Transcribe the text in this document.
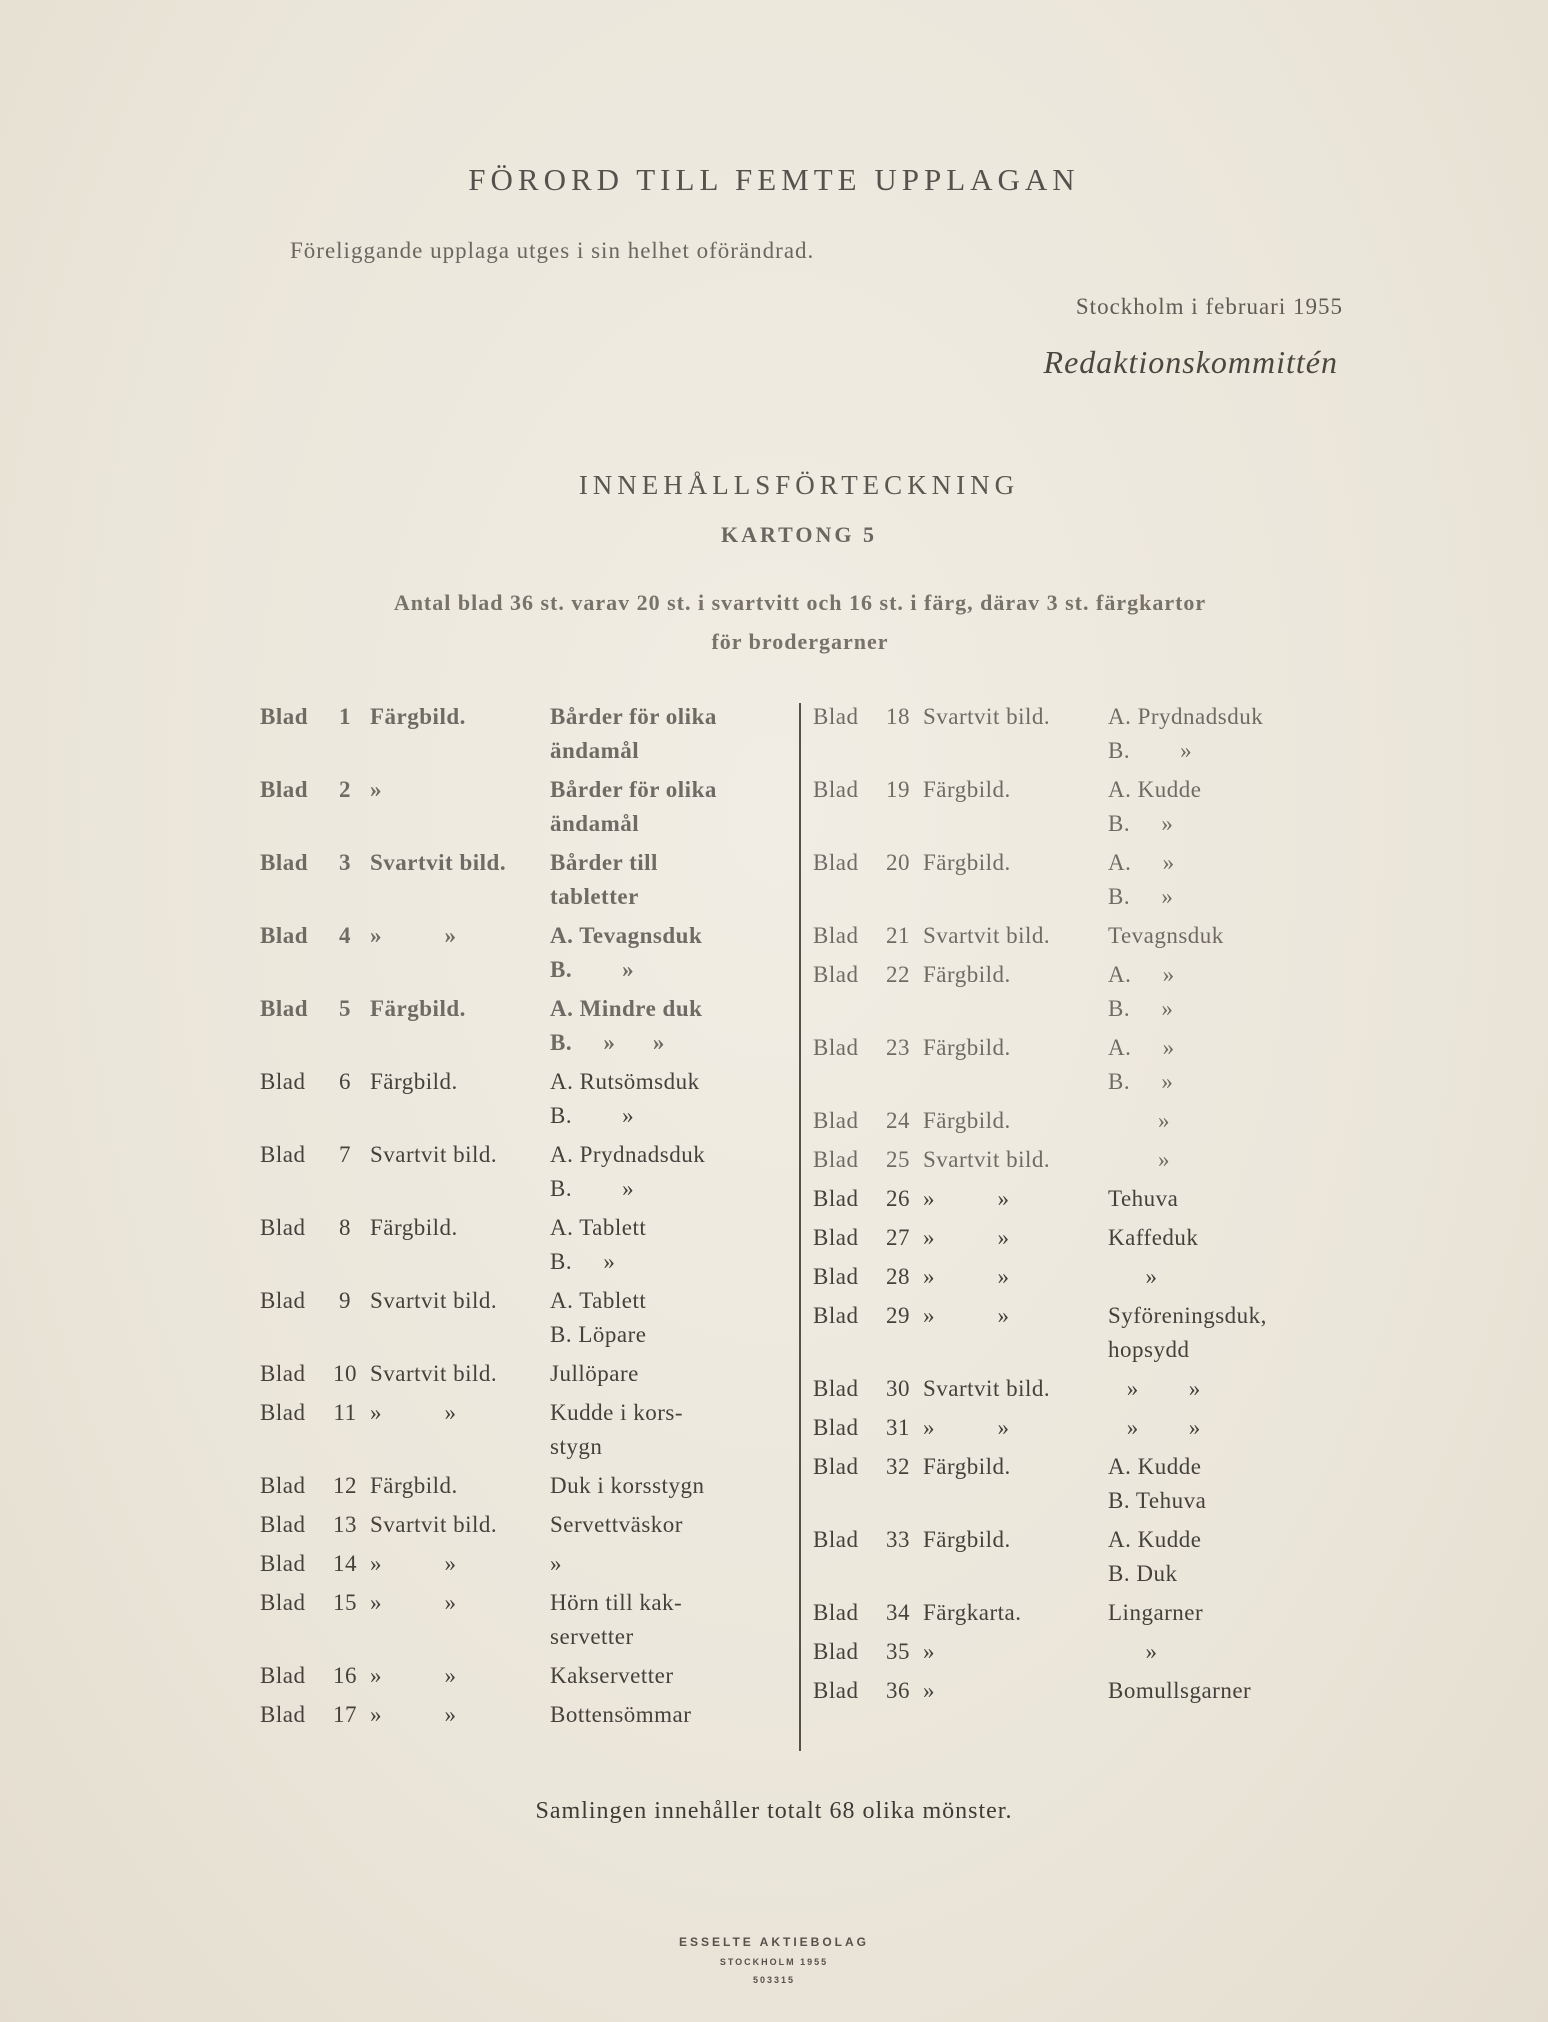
FÖRORD TILL FEMTE UPPLAGAN
Föreliggande upplaga utges i sin helhet oförändrad.
Stockholm i februari 1955
Redaktionskommittén
INNEHÅLLSFÖRTECKNING
KARTONG 5
Antal blad 36 st. varav 20 st. i svartvitt och 16 st. i färg, därav 3 st. färgkartor
för brodergarner
Blad	1 Färgbild.	Bårder för olika
ändamål
Blad	2 »	Bårder för olika
ändamål
Blad	3 Svartvit bild.	Bårder till
tabletter
Blad	4 »          »	A. Tevagnsduk
B.        »
Blad	5 Färgbild.	A. Mindre duk
B.     »      »
Blad	6 Färgbild.	A. Rutsömsduk
B.        »
Blad	7 Svartvit bild.	A. Prydnadsduk
B.        »
Blad	8 Färgbild.	A. Tablett
B.     »
Blad	9 Svartvit bild.	A. Tablett
B. Löpare
Blad	10 Svartvit bild.	Jullöpare
Blad	11 »          »	Kudde i kors-
stygn
Blad	12 Färgbild.	Duk i korsstygn
Blad	13 Svartvit bild.	Servettväskor
Blad	14 »          »	»
Blad	15 »          »	Hörn till kak-
servetter
Blad	16 »          »	Kakservetter
Blad	17 »          »	Bottensömmar
Blad	18 Svartvit bild.	A. Prydnadsduk
B.        »
Blad	19 Färgbild.	A. Kudde
B.     »
Blad	20 Färgbild.	A.     »
B.     »
Blad	21 Svartvit bild.	Tevagnsduk
Blad	22 Färgbild.	A.     »
B.     »
Blad	23 Färgbild.	A.     »
B.     »
Blad	24 Färgbild.	»
Blad	25 Svartvit bild.	»
Blad	26 »          »	Tehuva
Blad	27 »          »	Kaffeduk
Blad	28 »          »	»
Blad	29 »          »	Syföreningsduk,
hopsydd
Blad	30 Svartvit bild.	»        »
Blad	31 »          »	»        »
Blad	32 Färgbild.	A. Kudde
B. Tehuva
Blad	33 Färgbild.	A. Kudde
B. Duk
Blad	34 Färgkarta.	Lingarner
Blad	35 »	»
Blad	36 »	Bomullsgarner
Samlingen innehåller totalt 68 olika mönster.
ESSELTE AKTIEBOLAG
STOCKHOLM 1955
503315
